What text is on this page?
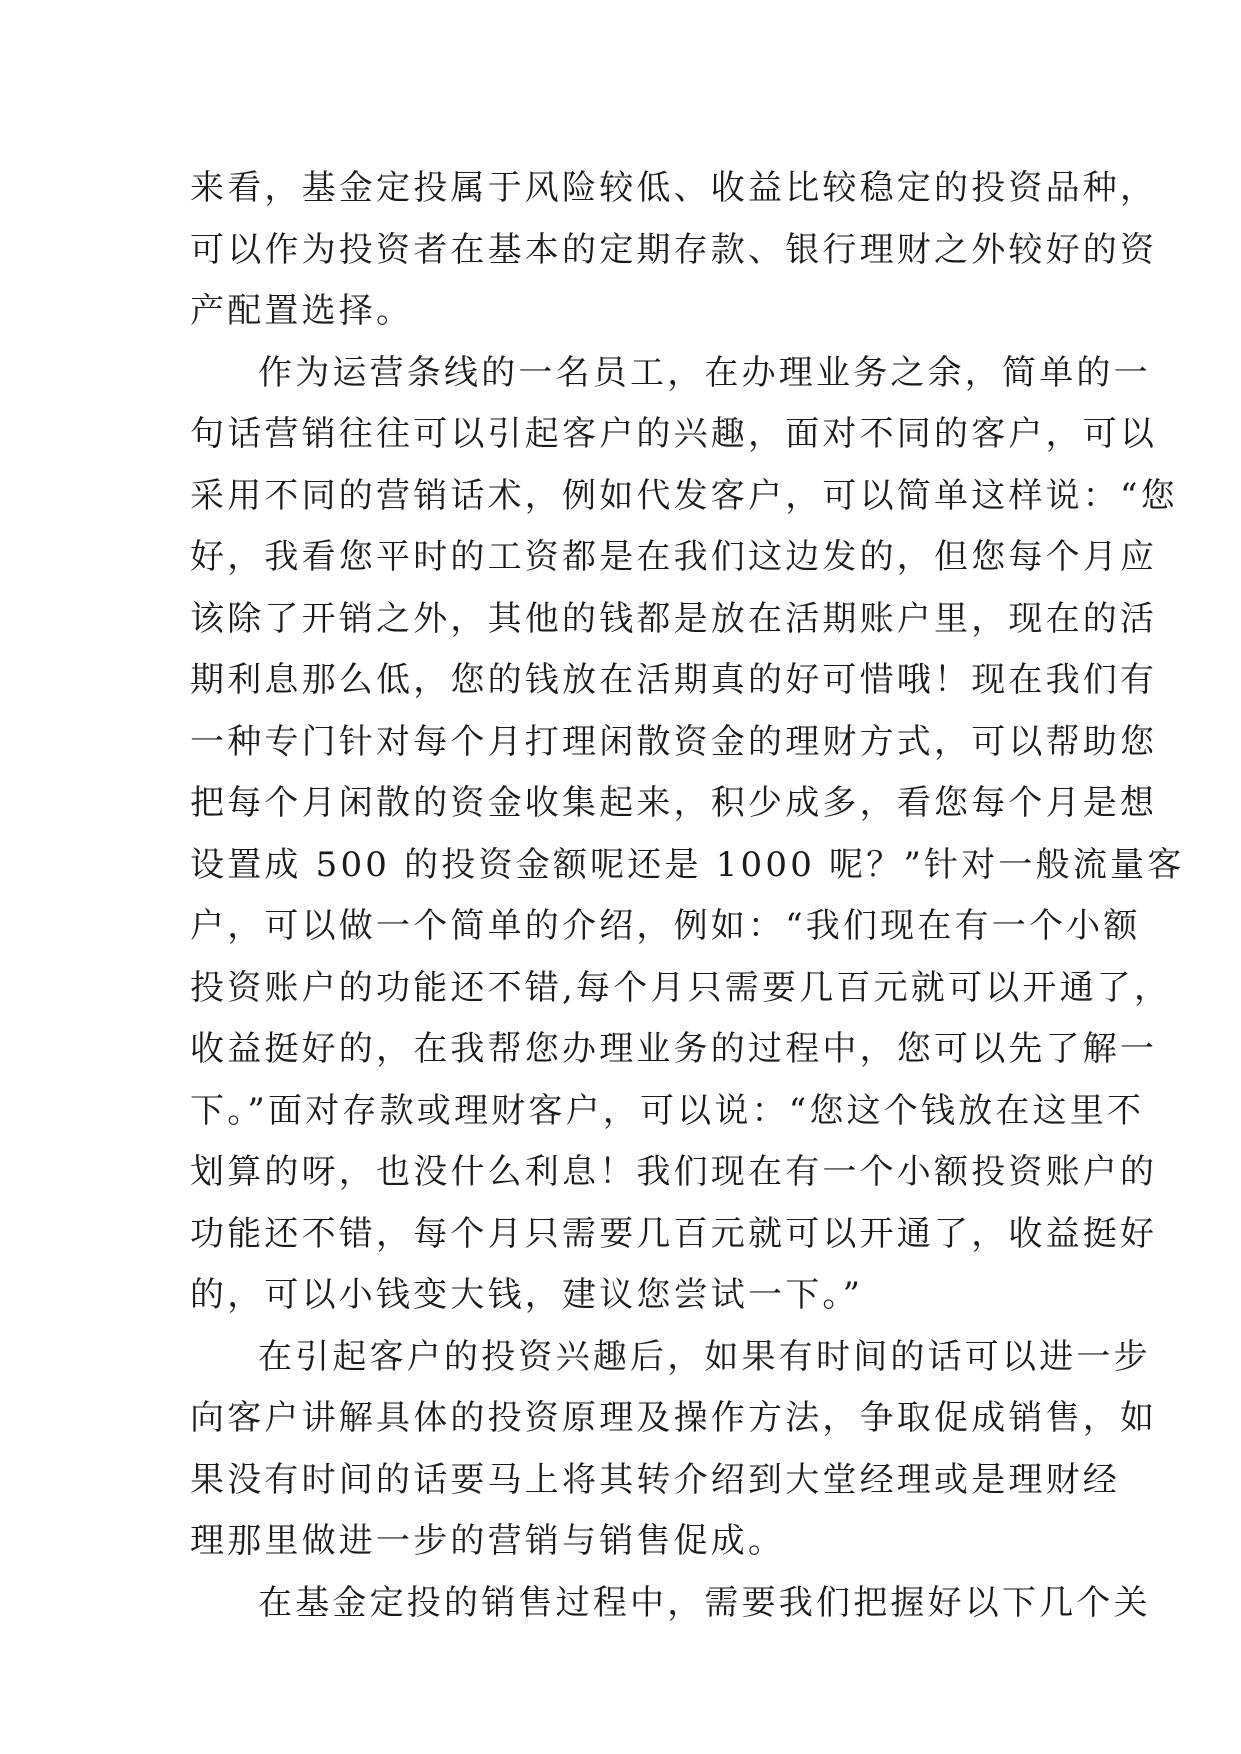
来看，基金定投属于风险较低、收益比较稳定的投资品种，
可以作为投资者在基本的定期存款、银行理财之外较好的资
产配置选择。
作为运营条线的一名员工，在办理业务之余，简单的一
句话营销往往可以引起客户的兴趣，面对不同的客户，可以
采用不同的营销话术，例如代发客户，可以简单这样说：“您
好，我看您平时的工资都是在我们这边发的，但您每个月应
该除了开销之外，其他的钱都是放在活期账户里，现在的活
期利息那么低，您的钱放在活期真的好可惜哦！现在我们有
一种专门针对每个月打理闲散资金的理财方式，可以帮助您
把每个月闲散的资金收集起来，积少成多，看您每个月是想
设置成 500 的投资金额呢还是 1000 呢？”针对一般流量客
户，可以做一个简单的介绍，例如：“我们现在有一个小额
投资账户的功能还不错,每个月只需要几百元就可以开通了，
收益挺好的，在我帮您办理业务的过程中，您可以先了解一
下。”面对存款或理财客户，可以说：“您这个钱放在这里不
划算的呀，也没什么利息！我们现在有一个小额投资账户的
功能还不错，每个月只需要几百元就可以开通了，收益挺好
的，可以小钱变大钱，建议您尝试一下。”
在引起客户的投资兴趣后，如果有时间的话可以进一步
向客户讲解具体的投资原理及操作方法，争取促成销售，如
果没有时间的话要马上将其转介绍到大堂经理或是理财经
理那里做进一步的营销与销售促成。
在基金定投的销售过程中，需要我们把握好以下几个关
